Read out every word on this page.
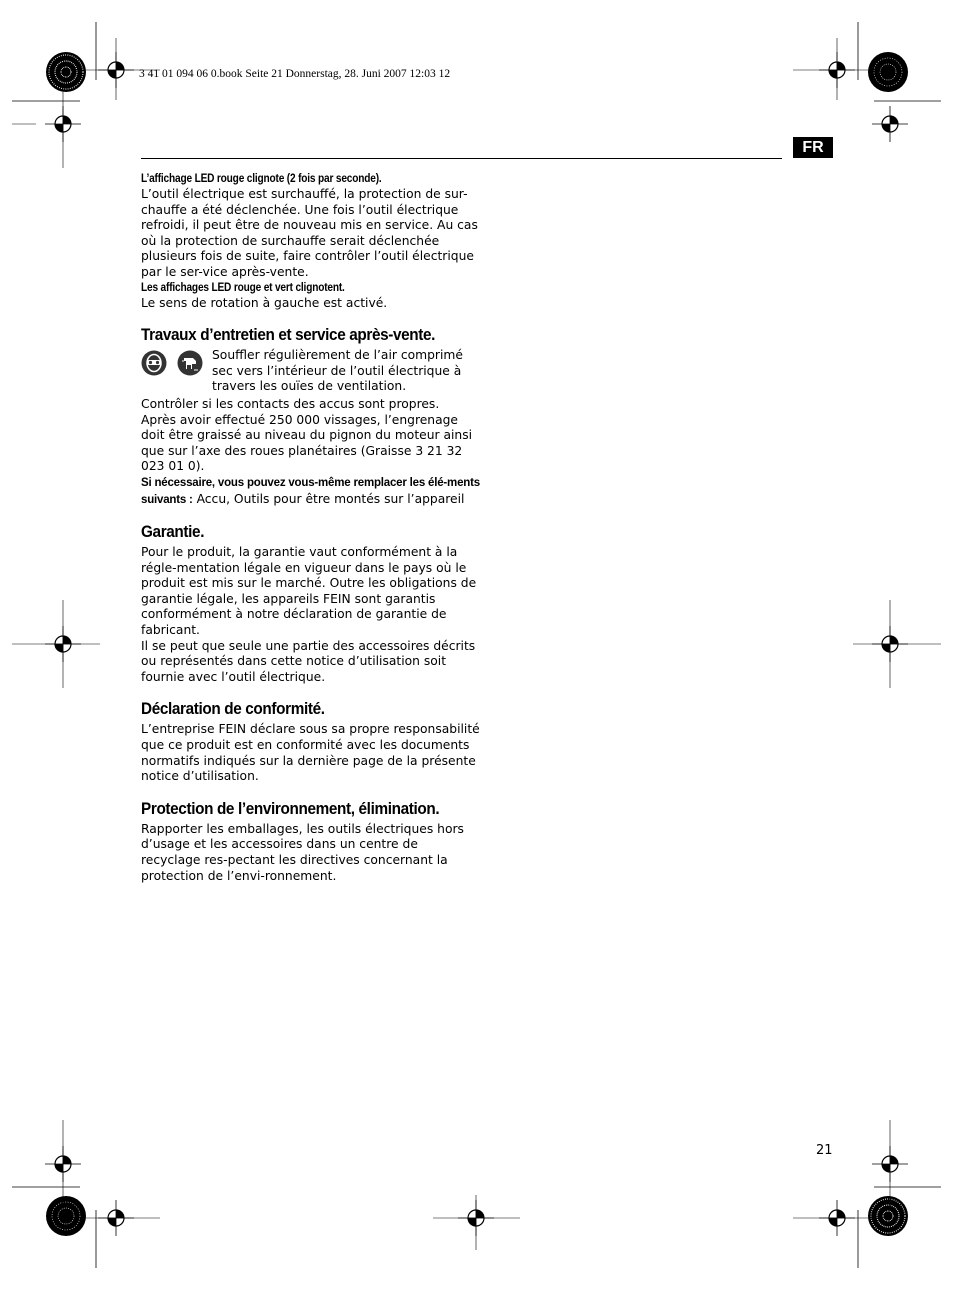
3 41 01 094 06 0.book Seite 21 Donnerstag, 28. Juni 2007 12:03 12
FR

L’affichage LED rouge clignote (2 fois par seconde).

L’outil électrique est surchauffé, la protection de sur-chauffe a été déclenchée. Une fois l’outil électrique refroidi, il peut être de nouveau mis en service. Au cas où la protection de surchauffe serait déclenchée plusieurs fois de suite, faire contrôler l’outil électrique par le ser-vice après-vente.

Les affichages LED rouge et vert clignotent.

Le sens de rotation à gauche est activé.

Travaux d’entretien et service après-vente.

Souffler régulièrement de l’air comprimé sec vers l’intérieur de l’outil électrique à travers les ouïes de ventilation.

Contrôler si les contacts des accus sont propres.

Après avoir effectué 250 000 vissages, l’engrenage doit être graissé au niveau du pignon du moteur ainsi que sur l’axe des roues planétaires (Graisse 3 21 32 023 01 0).

Si nécessaire, vous pouvez vous-même remplacer les élé-ments suivants : Accu, Outils pour être montés sur l’appareil

Garantie.

Pour le produit, la garantie vaut conformément à la régle-mentation légale en vigueur dans le pays où le produit est mis sur le marché. Outre les obligations de garantie légale, les appareils FEIN sont garantis conformément à notre déclaration de garantie de fabricant.

Il se peut que seule une partie des accessoires décrits ou représentés dans cette notice d’utilisation soit fournie avec l’outil électrique.

Déclaration de conformité.

L’entreprise FEIN déclare sous sa propre responsabilité que ce produit est en conformité avec les documents normatifs indiqués sur la dernière page de la présente notice d’utilisation.

Protection de l’environnement, élimination.

Rapporter les emballages, les outils électriques hors d’usage et les accessoires dans un centre de recyclage res-pectant les directives concernant la protection de l’envi-ronnement.

21
